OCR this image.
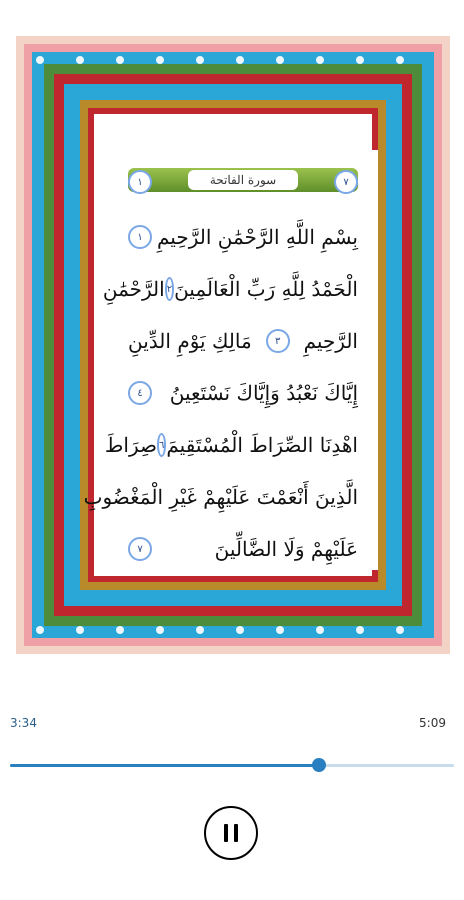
سورة الفاتحة
١	٧
بِسْمِ اللَّهِ الرَّحْمَٰنِ الرَّحِيمِ
١
الْحَمْدُ لِلَّهِ رَبِّ الْعَالَمِينَ
٢
الرَّحْمَٰنِ
الرَّحِيمِ
٣
مَالِكِ يَوْمِ الدِّينِ
إِيَّاكَ نَعْبُدُ وَإِيَّاكَ نَسْتَعِينُ
٤
اهْدِنَا الصِّرَاطَ الْمُسْتَقِيمَ
٦
صِرَاطَ
الَّذِينَ أَنْعَمْتَ عَلَيْهِمْ غَيْرِ الْمَغْضُوبِ
عَلَيْهِمْ وَلَا الضَّالِّينَ
٧
3:34	5:09
